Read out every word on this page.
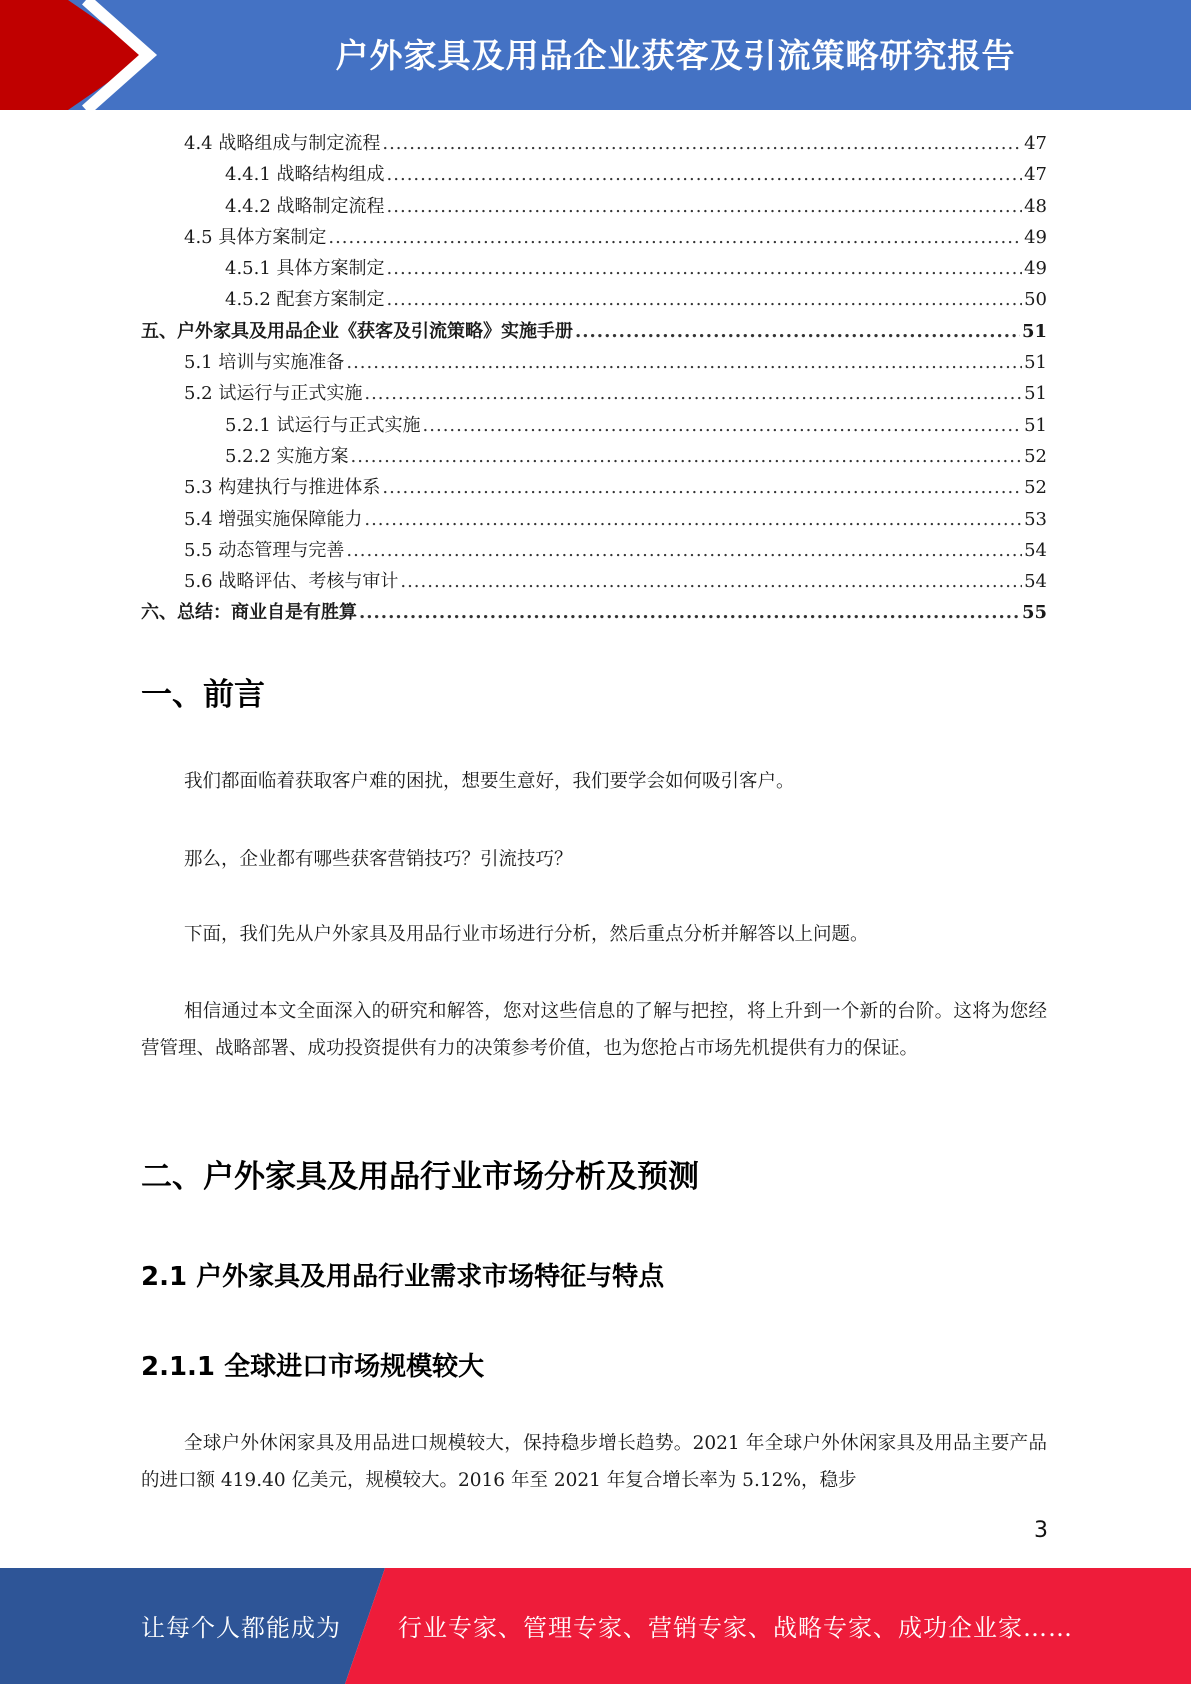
户外家具及用品企业获客及引流策略研究报告
4.4 战略组成与制定流程 .....	47
4.4.1 战略结构组成 .....	47
4.4.2 战略制定流程 .....	48
4.5 具体方案制定 .....	49
4.5.1 具体方案制定 .....	49
4.5.2 配套方案制定 .....	50
五、户外家具及用品企业《获客及引流策略》实施手册 .....	51
5.1 培训与实施准备 .....	51
5.2 试运行与正式实施 .....	51
5.2.1 试运行与正式实施 .....	51
5.2.2 实施方案 .....	52
5.3 构建执行与推进体系 .....	52
5.4 增强实施保障能力 .....	53
5.5 动态管理与完善 .....	54
5.6 战略评估、考核与审计 .....	54
六、总结：商业自是有胜算 .....	55
一、前言

我们都面临着获取客户难的困扰，想要生意好，我们要学会如何吸引客户。

那么，企业都有哪些获客营销技巧？引流技巧？

下面，我们先从户外家具及用品行业市场进行分析，然后重点分析并解答以上问题。

相信通过本文全面深入的研究和解答，您对这些信息的了解与把控，将上升到一个新的台阶。这将为您经营管理、战略部署、成功投资提供有力的决策参考价值，也为您抢占市场先机提供有力的保证。

二、户外家具及用品行业市场分析及预测
2.1 户外家具及用品行业需求市场特征与特点
2.1.1 全球进口市场规模较大

全球户外休闲家具及用品进口规模较大，保持稳步增长趋势。2021 年全球户外休闲家具及用品主要产品的进口额 419.40 亿美元，规模较大。2016 年至 2021 年复合增长率为 5.12%，稳步

3
让每个人都能成为 行业专家、管理专家、营销专家、战略专家、成功企业家……
